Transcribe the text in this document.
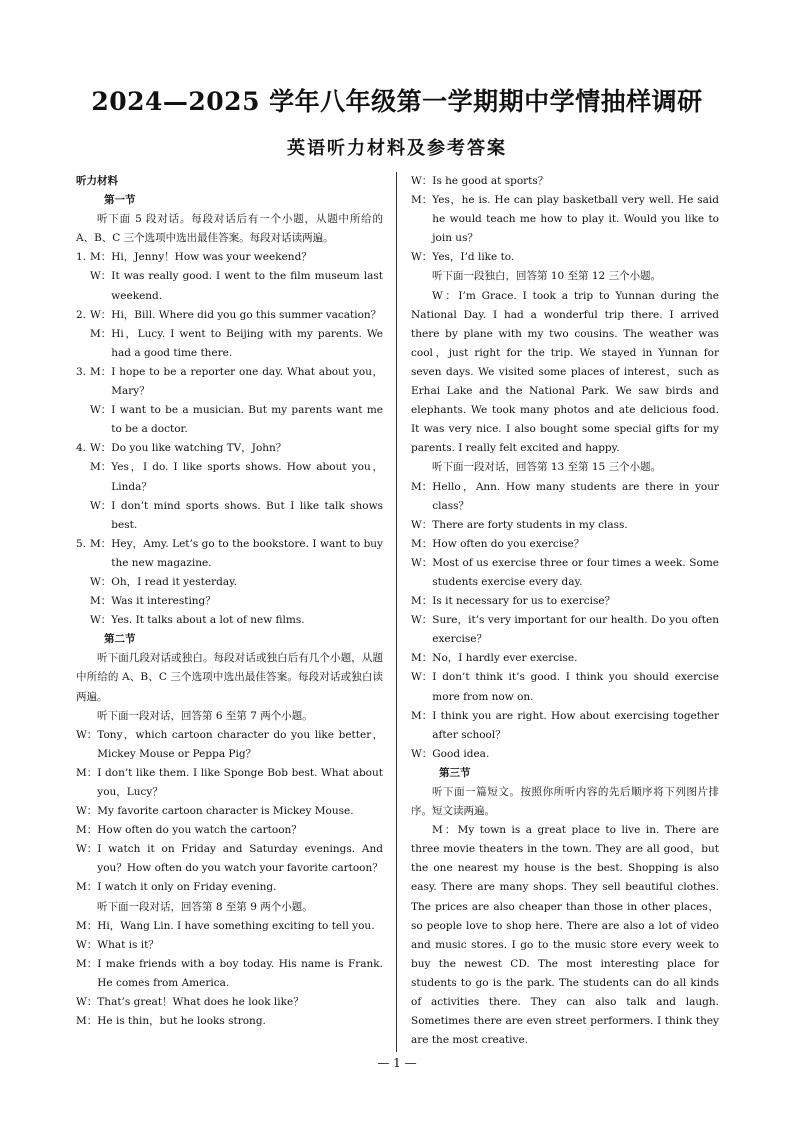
2024—2025 学年八年级第一学期期中学情抽样调研
英语听力材料及参考答案

听力材料

第一节

听下面 5 段对话。每段对话后有一个小题，从题中所给的 A、B、C 三个选项中选出最佳答案。每段对话读两遍。

1. M： Hi，Jenny！How was your weekend？
W： It was really good. I went to the film museum last weekend.
2. W： Hi，Bill. Where did you go this summer vacation？
M： Hi，Lucy. I went to Beijing with my parents. We had a good time there.
3. M： I hope to be a reporter one day. What about you，Mary？
W： I want to be a musician. But my parents want me to be a doctor.
4. W： Do you like watching TV，John？
M： Yes，I do. I like sports shows. How about you，Linda？
W： I don’t mind sports shows. But I like talk shows best.
5. M： Hey，Amy. Let’s go to the bookstore. I want to buy the new magazine.
W： Oh，I read it yesterday.
M： Was it interesting？
W： Yes. It talks about a lot of new films.

第二节

听下面几段对话或独白。每段对话或独白后有几个小题，从题中所给的 A、B、C 三个选项中选出最佳答案。每段对话或独白读两遍。

听下面一段对话，回答第 6 至第 7 两个小题。

W： Tony，which cartoon character do you like better，Mickey Mouse or Peppa Pig？
M： I don’t like them. I like Sponge Bob best. What about you，Lucy？
W： My favorite cartoon character is Mickey Mouse.
M： How often do you watch the cartoon？
W： I watch it on Friday and Saturday evenings. And you？How often do you watch your favorite cartoon？
M： I watch it only on Friday evening.

听下面一段对话，回答第 8 至第 9 两个小题。

M： Hi，Wang Lin. I have something exciting to tell you.
W： What is it？
M： I make friends with a boy today. His name is Frank. He comes from America.
W： That’s great！What does he look like？
M： He is thin，but he looks strong.
W： Is he good at sports？
M： Yes，he is. He can play basketball very well. He said he would teach me how to play it. Would you like to join us？
W： Yes，I’d like to.

听下面一段独白，回答第 10 至第 12 三个小题。

W：I’m Grace. I took a trip to Yunnan during the National Day. I had a wonderful trip there. I arrived there by plane with my two cousins. The weather was cool，just right for the trip. We stayed in Yunnan for seven days. We visited some places of interest，such as Erhai Lake and the National Park. We saw birds and elephants. We took many photos and ate delicious food. It was very nice. I also bought some special gifts for my parents. I really felt excited and happy.

听下面一段对话，回答第 13 至第 15 三个小题。

M： Hello，Ann. How many students are there in your class？
W： There are forty students in my class.
M： How often do you exercise？
W： Most of us exercise three or four times a week. Some students exercise every day.
M： Is it necessary for us to exercise？
W： Sure，it’s very important for our health. Do you often exercise？
M： No，I hardly ever exercise.
W： I don’t think it’s good. I think you should exercise more from now on.
M： I think you are right. How about exercising together after school？
W： Good idea.

第三节

听下面一篇短文。按照你所听内容的先后顺序将下列图片排序。短文读两遍。

M：My town is a great place to live in. There are three movie theaters in the town. They are all good，but the one nearest my house is the best. Shopping is also easy. There are many shops. They sell beautiful clothes. The prices are also cheaper than those in other places，so people love to shop here. There are also a lot of video and music stores. I go to the music store every week to buy the newest CD. The most interesting place for students to go is the park. The students can do all kinds of activities there. They can also talk and laugh. Sometimes there are even street performers. I think they are the most creative.

— 1 —
